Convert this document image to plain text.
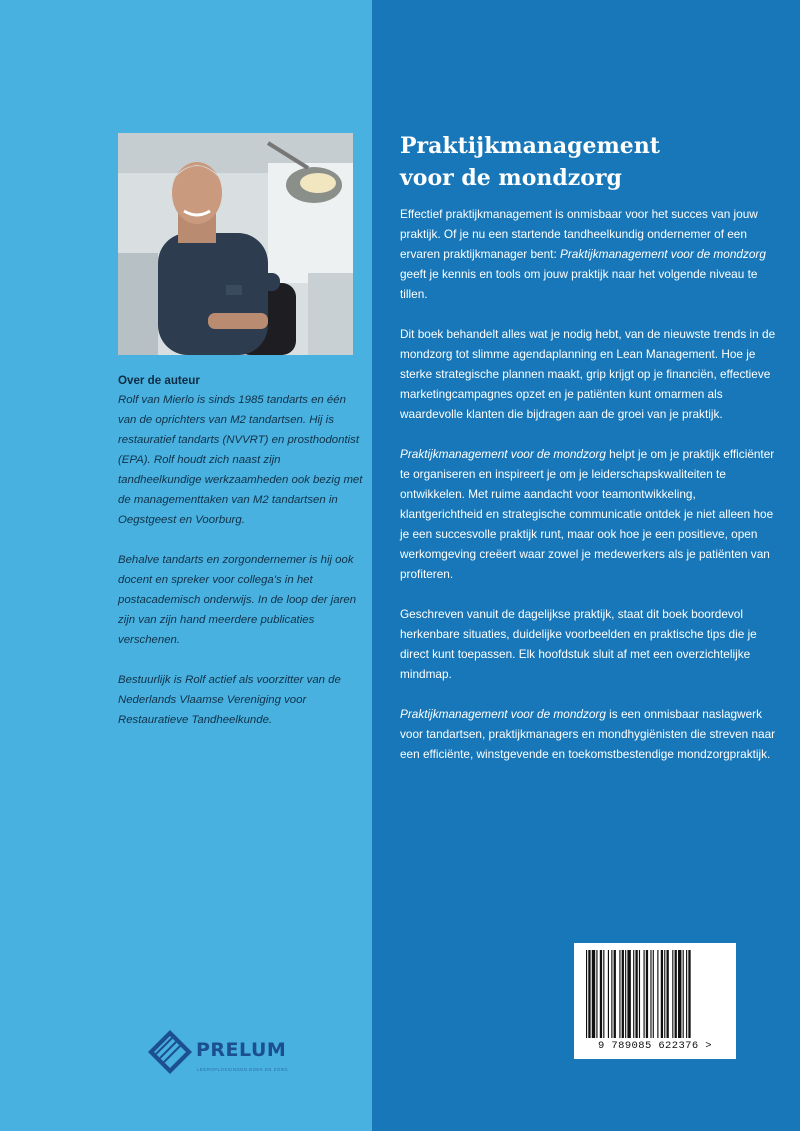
Over de auteur

Rolf van Mierlo is sinds 1985 tandarts en één van de oprichters van M2 tandartsen. Hij is restauratief tandarts (NVVRT) en prosthodontist (EPA). Rolf houdt zich naast zijn tandheelkundige werkzaamheden ook bezig met de managementtaken van M2 tandartsen in Oegstgeest en Voorburg.

Behalve tandarts en zorgondernemer is hij ook docent en spreker voor collega's in het postacademisch onderwijs. In de loop der jaren zijn van zijn hand meerdere publicaties verschenen.

Bestuurlijk is Rolf actief als voorzitter van de Nederlands Vlaamse Vereniging voor Restauratieve Tandheelkunde.

PRELUM
LEEROPLOSSINGEN BOEK EN ZORG
Praktijkmanagement
voor de mondzorg

Effectief praktijkmanagement is onmisbaar voor het succes van jouw praktijk. Of je nu een startende tandheelkundig ondernemer of een ervaren praktijkmanager bent: Praktijkmanagement voor de mondzorg geeft je kennis en tools om jouw praktijk naar het volgende niveau te tillen.

Dit boek behandelt alles wat je nodig hebt, van de nieuwste trends in de mondzorg tot slimme agendaplanning en Lean Management. Hoe je sterke strategische plannen maakt, grip krijgt op je financiën, effectieve marketingcampagnes opzet en je patiënten kunt omarmen als waardevolle klanten die bijdragen aan de groei van je praktijk.

Praktijkmanagement voor de mondzorg helpt je om je praktijk efficiënter te organiseren en inspireert je om je leiderschapskwaliteiten te ontwikkelen. Met ruime aandacht voor teamontwikkeling, klantgerichtheid en strategische communicatie ontdek je niet alleen hoe je een succesvolle praktijk runt, maar ook hoe je een positieve, open werkomgeving creëert waar zowel je medewerkers als je patiënten van profiteren.

Geschreven vanuit de dagelijkse praktijk, staat dit boek boordevol herkenbare situaties, duidelijke voorbeelden en praktische tips die je direct kunt toepassen. Elk hoofdstuk sluit af met een overzichtelijke mindmap.

Praktijkmanagement voor de mondzorg is een onmisbaar naslagwerk voor tandartsen, praktijkmanagers en mondhygiënisten die streven naar een efficiënte, winstgevende en toekomstbestendige mondzorgpraktijk.

9 789085 622376 >
